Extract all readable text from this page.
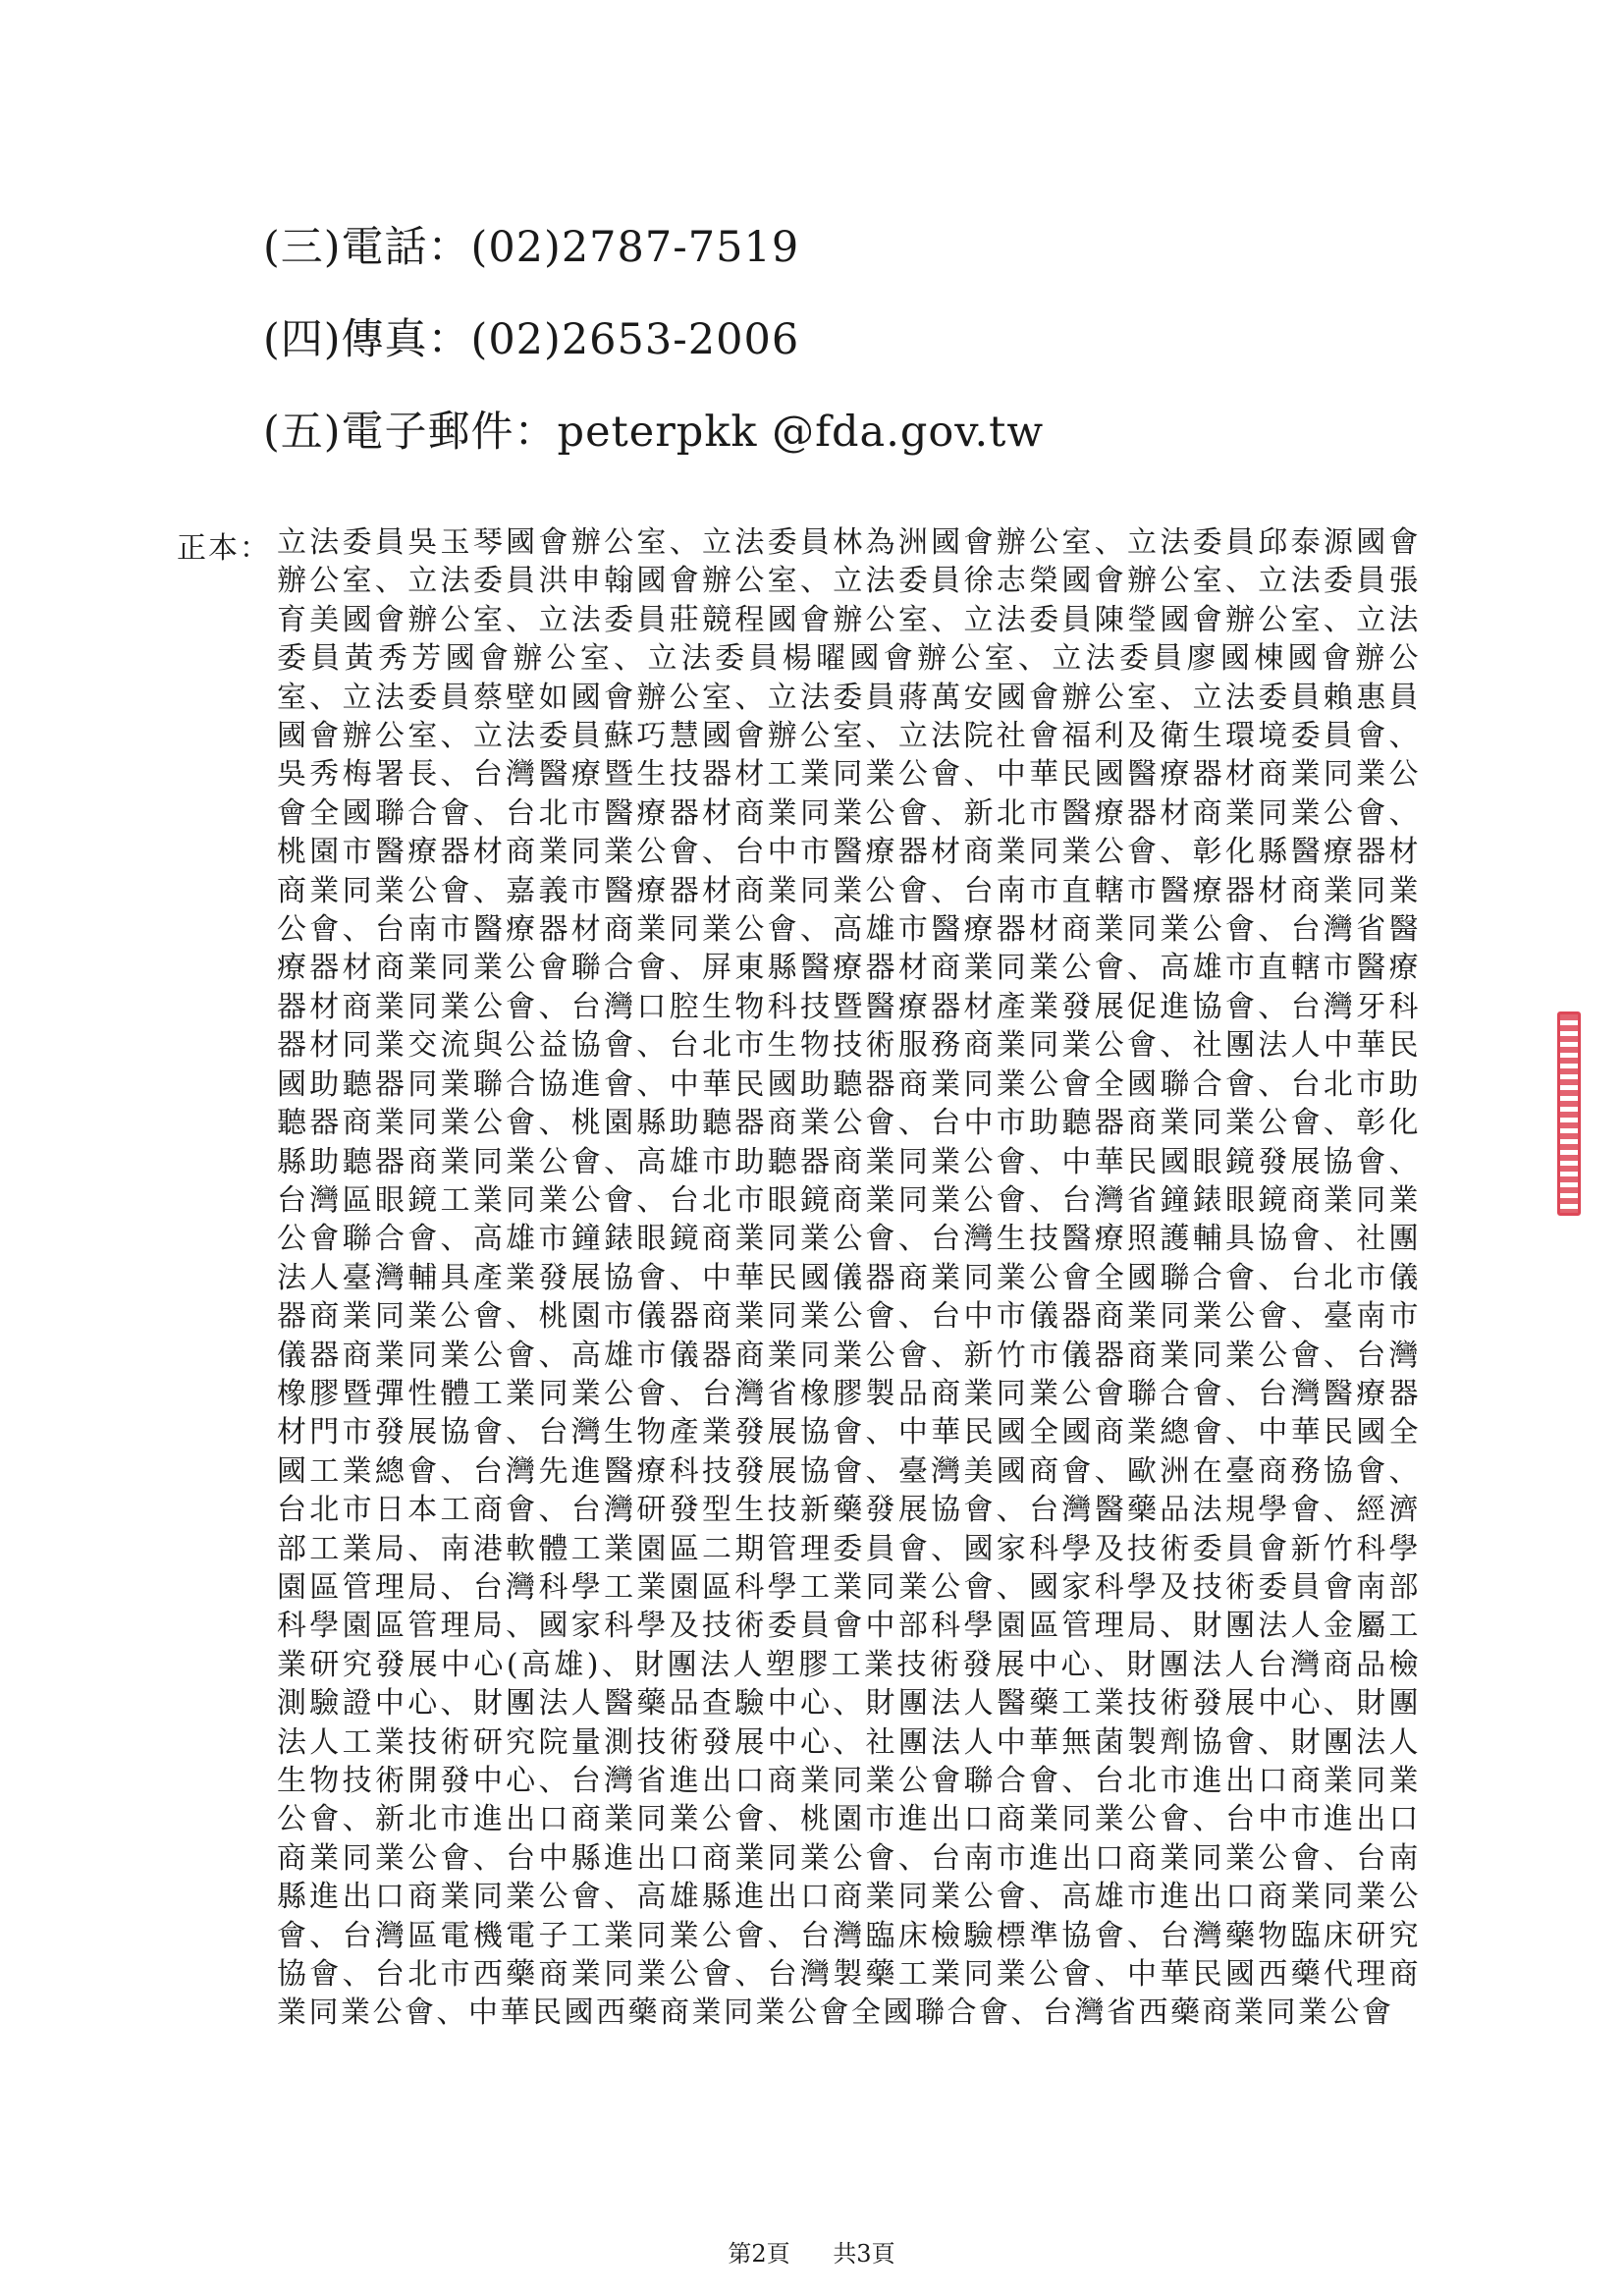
(三)電話：(02)2787-7519
(四)傳真：(02)2653-2006
(五)電子郵件：peterpkk @fda.gov.tw
正本： 立法委員吳玉琴國會辦公室、立法委員林為洲國會辦公室、立法委員邱泰源國會辦公室、立法委員洪申翰國會辦公室、立法委員徐志榮國會辦公室、立法委員張育美國會辦公室、立法委員莊競程國會辦公室、立法委員陳瑩國會辦公室、立法委員黃秀芳國會辦公室、立法委員楊曜國會辦公室、立法委員廖國棟國會辦公室、立法委員蔡壁如國會辦公室、立法委員蔣萬安國會辦公室、立法委員賴惠員國會辦公室、立法委員蘇巧慧國會辦公室、立法院社會福利及衛生環境委員會、吳秀梅署長、台灣醫療暨生技器材工業同業公會、中華民國醫療器材商業同業公會全國聯合會、台北市醫療器材商業同業公會、新北市醫療器材商業同業公會、桃園市醫療器材商業同業公會、台中市醫療器材商業同業公會、彰化縣醫療器材商業同業公會、嘉義市醫療器材商業同業公會、台南市直轄市醫療器材商業同業公會、台南市醫療器材商業同業公會、高雄市醫療器材商業同業公會、台灣省醫療器材商業同業公會聯合會、屏東縣醫療器材商業同業公會、高雄市直轄市醫療器材商業同業公會、台灣口腔生物科技暨醫療器材產業發展促進協會、台灣牙科器材同業交流與公益協會、台北市生物技術服務商業同業公會、社團法人中華民國助聽器同業聯合協進會、中華民國助聽器商業同業公會全國聯合會、台北市助聽器商業同業公會、桃園縣助聽器商業公會、台中市助聽器商業同業公會、彰化縣助聽器商業同業公會、高雄市助聽器商業同業公會、中華民國眼鏡發展協會、台灣區眼鏡工業同業公會、台北市眼鏡商業同業公會、台灣省鐘錶眼鏡商業同業公會聯合會、高雄市鐘錶眼鏡商業同業公會、台灣生技醫療照護輔具協會、社團法人臺灣輔具產業發展協會、中華民國儀器商業同業公會全國聯合會、台北市儀器商業同業公會、桃園市儀器商業同業公會、台中市儀器商業同業公會、臺南市儀器商業同業公會、高雄市儀器商業同業公會、新竹市儀器商業同業公會、台灣橡膠暨彈性體工業同業公會、台灣省橡膠製品商業同業公會聯合會、台灣醫療器材門市發展協會、台灣生物產業發展協會、中華民國全國商業總會、中華民國全國工業總會、台灣先進醫療科技發展協會、臺灣美國商會、歐洲在臺商務協會、台北市日本工商會、台灣研發型生技新藥發展協會、台灣醫藥品法規學會、經濟部工業局、南港軟體工業園區二期管理委員會、國家科學及技術委員會新竹科學園區管理局、台灣科學工業園區科學工業同業公會、國家科學及技術委員會南部科學園區管理局、國家科學及技術委員會中部科學園區管理局、財團法人金屬工業研究發展中心(高雄)、財團法人塑膠工業技術發展中心、財團法人台灣商品檢測驗證中心、財團法人醫藥品查驗中心、財團法人醫藥工業技術發展中心、財團法人工業技術研究院量測技術發展中心、社團法人中華無菌製劑協會、財團法人生物技術開發中心、台灣省進出口商業同業公會聯合會、台北市進出口商業同業公會、新北市進出口商業同業公會、桃園市進出口商業同業公會、台中市進出口商業同業公會、台中縣進出口商業同業公會、台南市進出口商業同業公會、台南縣進出口商業同業公會、高雄縣進出口商業同業公會、高雄市進出口商業同業公會、台灣區電機電子工業同業公會、台灣臨床檢驗標準協會、台灣藥物臨床研究協會、台北市西藥商業同業公會、台灣製藥工業同業公會、中華民國西藥代理商業同業公會、中華民國西藥商業同業公會全國聯合會、台灣省西藥商業同業公會
第2頁 共3頁
